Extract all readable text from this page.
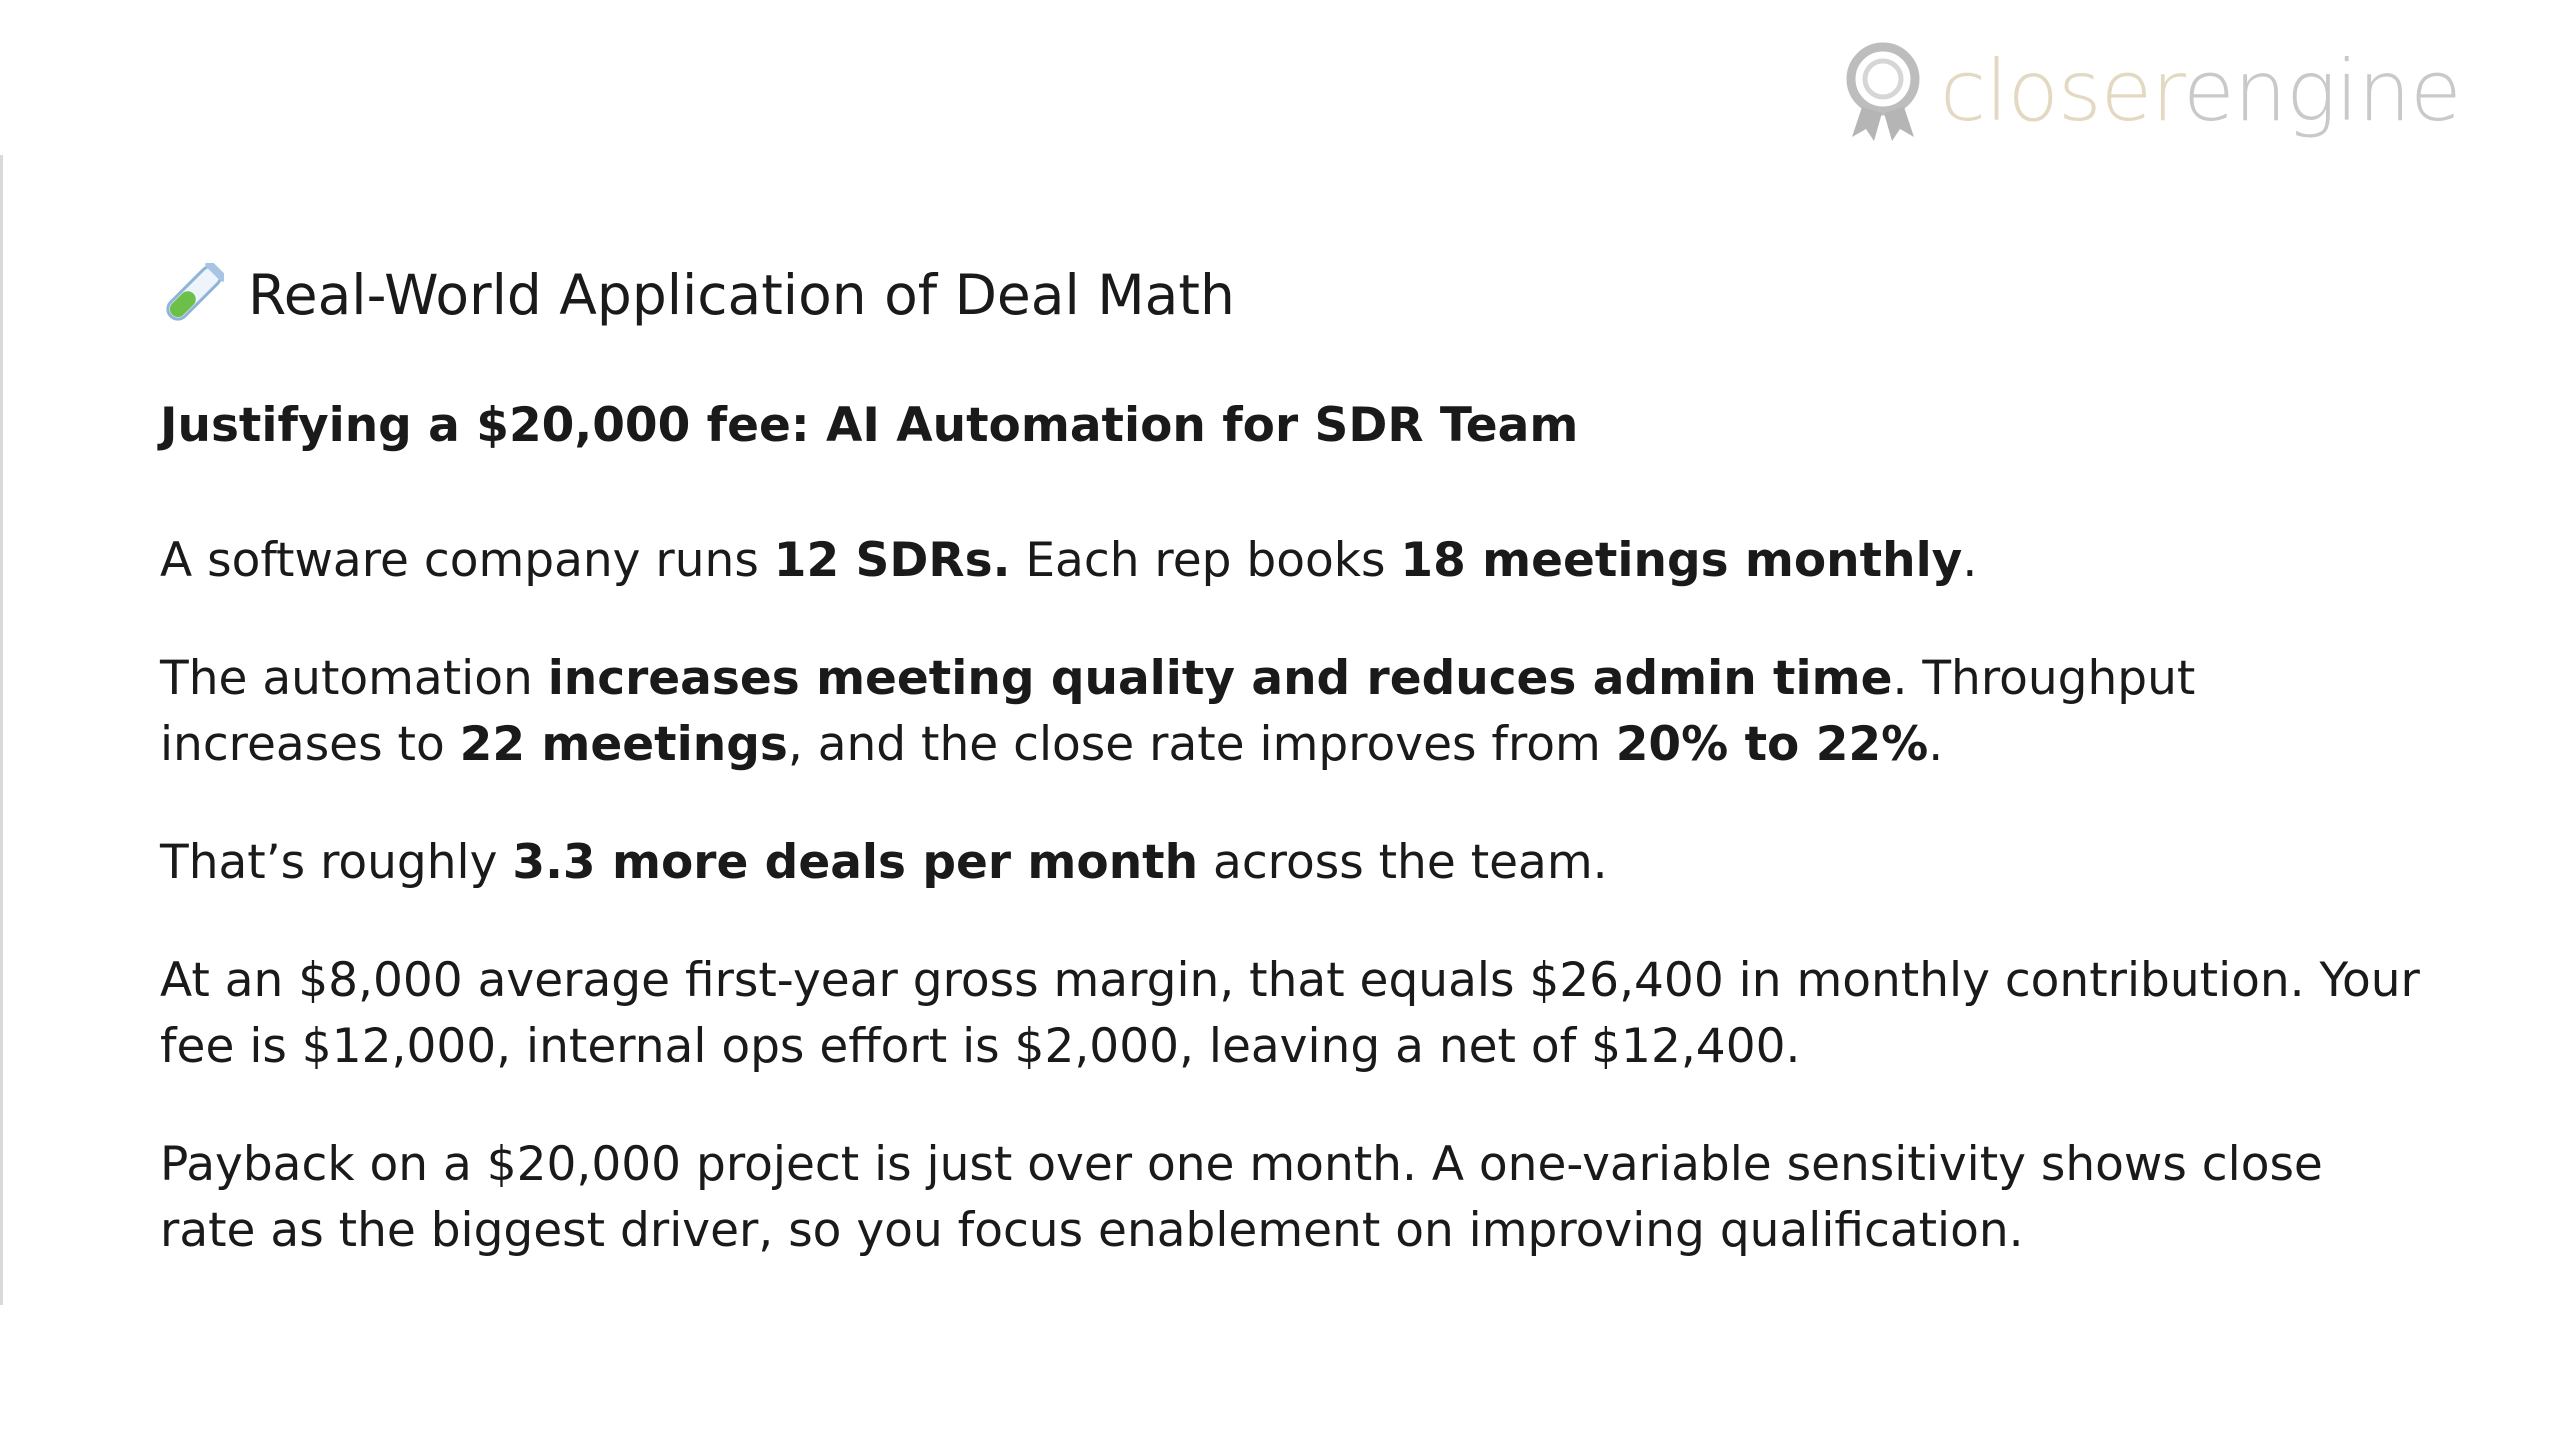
closerengine
Real-World Application of Deal Math
Justifying a $20,000 fee: AI Automation for SDR Team

A software company runs 12 SDRs. Each rep books 18 meetings monthly.

The automation increases meeting quality and reduces admin time. Throughput increases to 22 meetings, and the close rate improves from 20% to 22%.

That’s roughly 3.3 more deals per month across the team.

At an $8,000 average first-year gross margin, that equals $26,400 in monthly contribution. Your fee is $12,000, internal ops effort is $2,000, leaving a net of $12,400.

Payback on a $20,000 project is just over one month. A one-variable sensitivity shows close rate as the biggest driver, so you focus enablement on improving qualification.
